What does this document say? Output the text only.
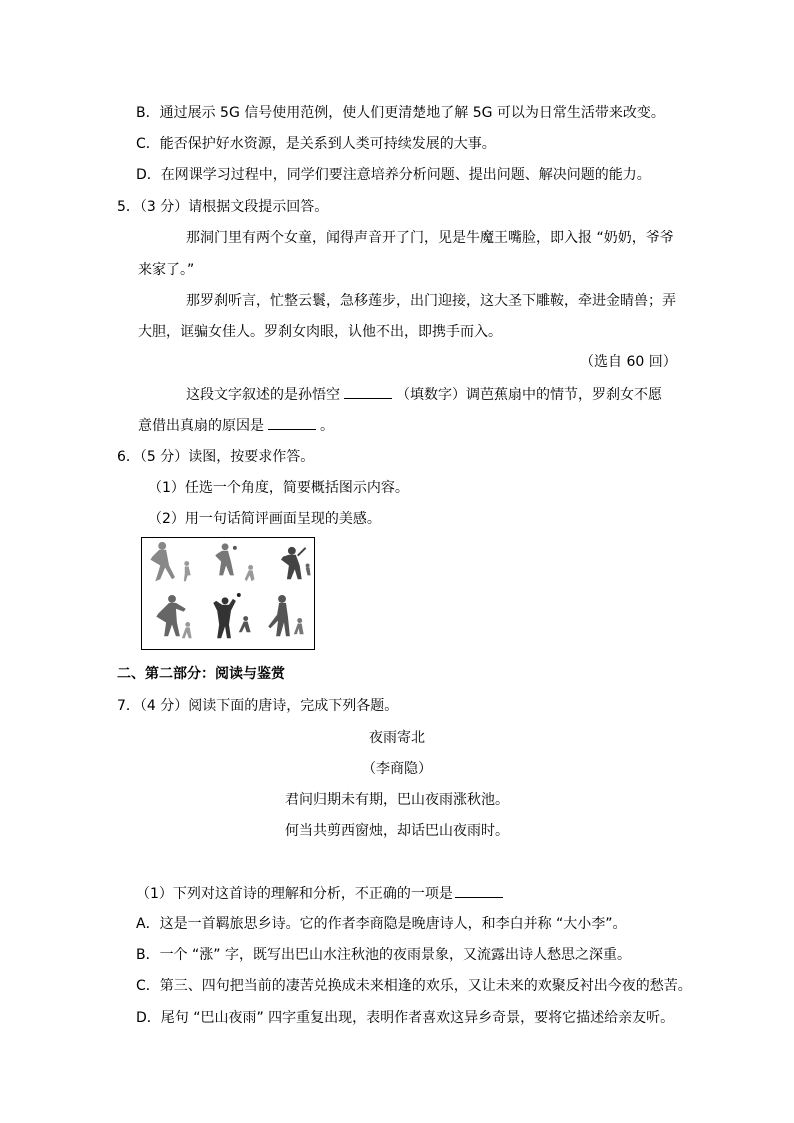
B．通过展示 5G 信号使用范例，使人们更清楚地了解 5G 可以为日常生活带来改变。
C．能否保护好水资源，是关系到人类可持续发展的大事。
D．在网课学习过程中，同学们要注意培养分析问题、提出问题、解决问题的能力。
5．（3 分）请根据文段提示回答。
那洞门里有两个女童，闻得声音开了门，见是牛魔王嘴脸，即入报 “奶奶，爷爷
来家了。”
那罗刹听言，忙整云鬟，急移莲步，出门迎接，这大圣下雕鞍，牵进金睛兽；弄
大胆，诓骗女佳人。罗刹女肉眼，认他不出，即携手而入。
（选自 60 回）
这段文字叙述的是孙悟空	（填数字）调芭蕉扇中的情节，罗刹女不愿
意借出真扇的原因是	。
6．（5 分）读图，按要求作答。
（1）任选一个角度，简要概括图示内容。
（2）用一句话简评画面呈现的美感。
二、第二部分：阅读与鉴赏
7．（4 分）阅读下面的唐诗，完成下列各题。
夜雨寄北
（李商隐）
君问归期未有期，巴山夜雨涨秋池。
何当共剪西窗烛，却话巴山夜雨时。
（1）下列对这首诗的理解和分析，不正确的一项是
A．这是一首羁旅思乡诗。它的作者李商隐是晚唐诗人，和李白并称 “大小李”。
B．一个 “涨” 字，既写出巴山水注秋池的夜雨景象，又流露出诗人愁思之深重。
C．第三、四句把当前的凄苦兑换成未来相逢的欢乐，又让未来的欢聚反衬出今夜的愁苦。
D．尾句 “巴山夜雨” 四字重复出现，表明作者喜欢这异乡奇景，要将它描述给亲友听。
